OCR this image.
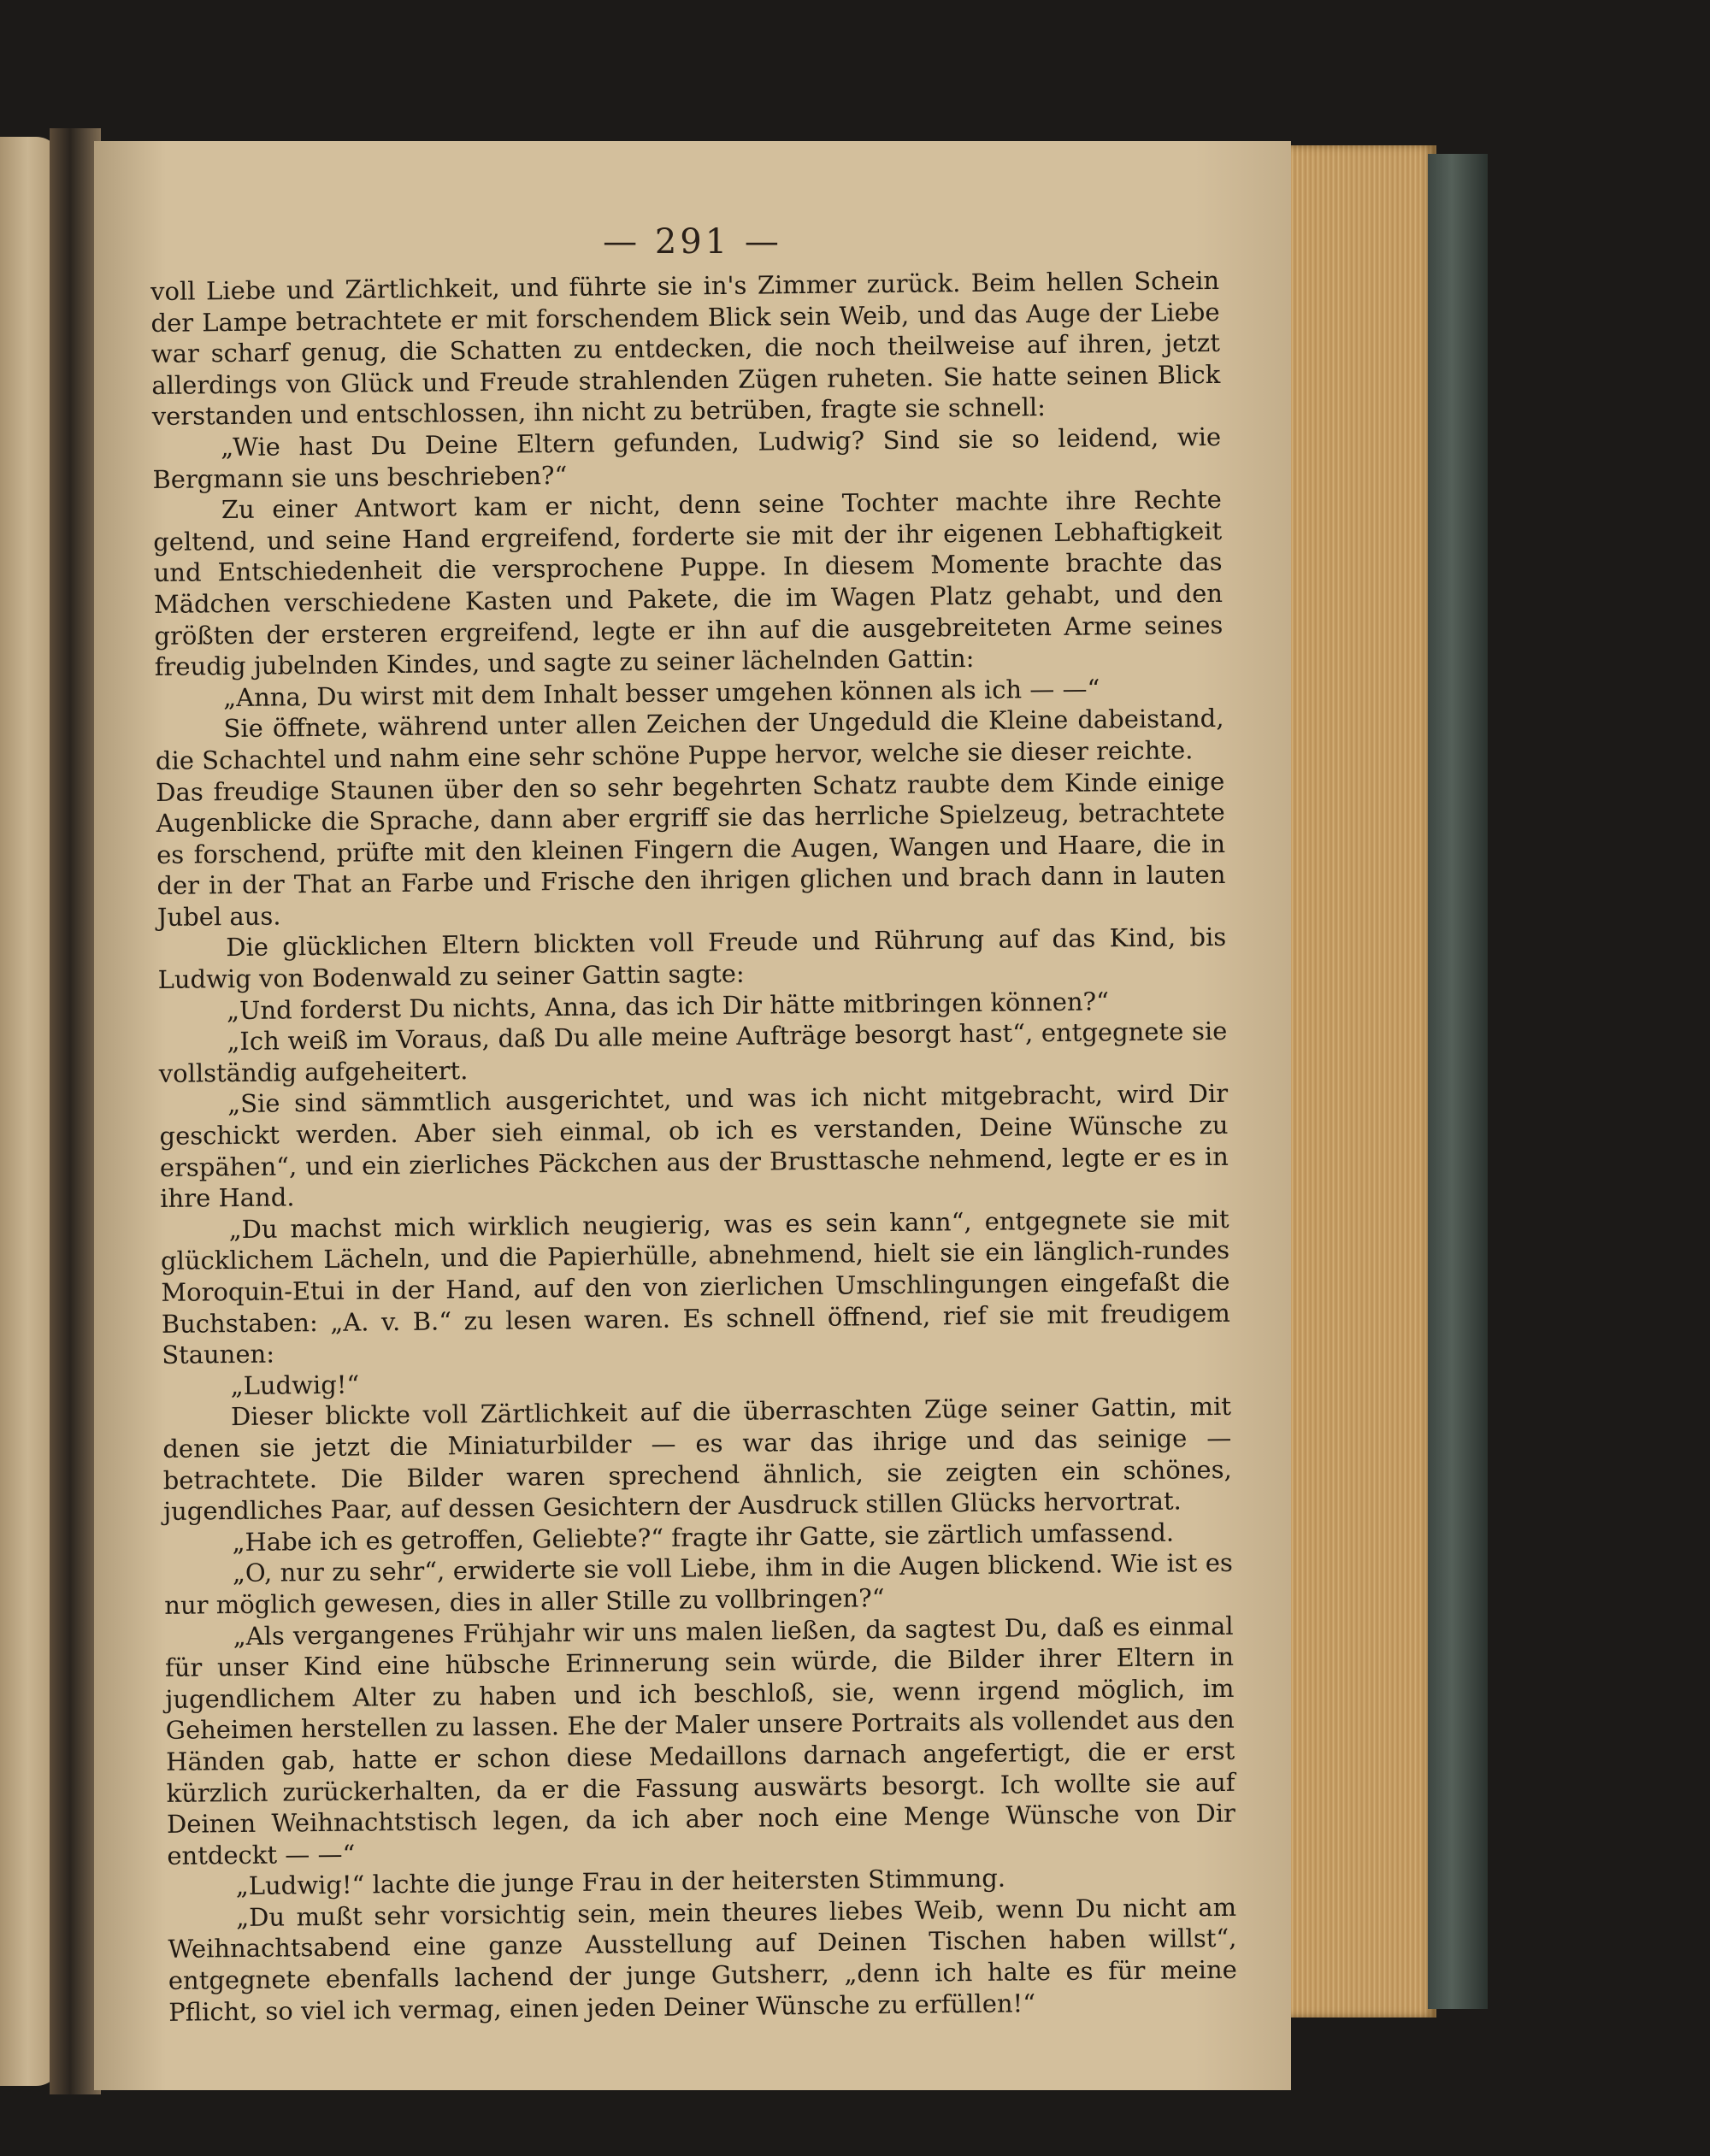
— 291 —

voll Liebe und Zärtlichkeit, und führte sie in's Zimmer zurück. Beim hellen Schein der Lampe betrachtete er mit forschendem Blick sein Weib, und das Auge der Liebe war scharf genug, die Schatten zu entdecken, die noch theilweise auf ihren, jetzt allerdings von Glück und Freude strahlenden Zügen ruheten. Sie hatte seinen Blick verstanden und entschlossen, ihn nicht zu betrüben, fragte sie schnell:

„Wie hast Du Deine Eltern gefunden, Ludwig? Sind sie so leidend, wie Bergmann sie uns beschrieben?“

Zu einer Antwort kam er nicht, denn seine Tochter machte ihre Rechte geltend, und seine Hand ergreifend, forderte sie mit der ihr eigenen Lebhaftigkeit und Entschiedenheit die versprochene Puppe. In diesem Momente brachte das Mädchen verschiedene Kasten und Pakete, die im Wagen Platz gehabt, und den größten der ersteren ergreifend, legte er ihn auf die ausgebreiteten Arme seines freudig jubelnden Kindes, und sagte zu seiner lächelnden Gattin:

„Anna, Du wirst mit dem Inhalt besser umgehen können als ich — —“

Sie öffnete, während unter allen Zeichen der Ungeduld die Kleine dabeistand, die Schachtel und nahm eine sehr schöne Puppe hervor, welche sie dieser reichte.

Das freudige Staunen über den so sehr begehrten Schatz raubte dem Kinde einige Augenblicke die Sprache, dann aber ergriff sie das herrliche Spielzeug, betrachtete es forschend, prüfte mit den kleinen Fingern die Augen, Wangen und Haare, die in der in der That an Farbe und Frische den ihrigen glichen und brach dann in lauten Jubel aus.

Die glücklichen Eltern blickten voll Freude und Rührung auf das Kind, bis Ludwig von Bodenwald zu seiner Gattin sagte:

„Und forderst Du nichts, Anna, das ich Dir hätte mitbringen können?“

„Ich weiß im Voraus, daß Du alle meine Aufträge besorgt hast“, entgegnete sie vollständig aufgeheitert.

„Sie sind sämmtlich ausgerichtet, und was ich nicht mitgebracht, wird Dir geschickt werden. Aber sieh einmal, ob ich es verstanden, Deine Wünsche zu erspähen“, und ein zierliches Päckchen aus der Brusttasche nehmend, legte er es in ihre Hand.

„Du machst mich wirklich neugierig, was es sein kann“, entgegnete sie mit glücklichem Lächeln, und die Papierhülle, abnehmend, hielt sie ein länglich-rundes Moroquin-Etui in der Hand, auf den von zierlichen Umschlingungen eingefaßt die Buchstaben: „A. v. B.“ zu lesen waren. Es schnell öffnend, rief sie mit freudigem Staunen:

„Ludwig!“

Dieser blickte voll Zärtlichkeit auf die überraschten Züge seiner Gattin, mit denen sie jetzt die Miniaturbilder — es war das ihrige und das seinige — betrachtete. Die Bilder waren sprechend ähnlich, sie zeigten ein schönes, jugendliches Paar, auf dessen Gesichtern der Ausdruck stillen Glücks hervortrat.

„Habe ich es getroffen, Geliebte?“ fragte ihr Gatte, sie zärtlich umfassend.

„O, nur zu sehr“, erwiderte sie voll Liebe, ihm in die Augen blickend. Wie ist es nur möglich gewesen, dies in aller Stille zu vollbringen?“

„Als vergangenes Frühjahr wir uns malen ließen, da sagtest Du, daß es einmal für unser Kind eine hübsche Erinnerung sein würde, die Bilder ihrer Eltern in jugendlichem Alter zu haben und ich beschloß, sie, wenn irgend möglich, im Geheimen herstellen zu lassen. Ehe der Maler unsere Portraits als vollendet aus den Händen gab, hatte er schon diese Medaillons darnach angefertigt, die er erst kürzlich zurückerhalten, da er die Fassung auswärts besorgt. Ich wollte sie auf Deinen Weihnachtstisch legen, da ich aber noch eine Menge Wünsche von Dir entdeckt — —“

„Ludwig!“ lachte die junge Frau in der heitersten Stimmung.

„Du mußt sehr vorsichtig sein, mein theures liebes Weib, wenn Du nicht am Weihnachtsabend eine ganze Ausstellung auf Deinen Tischen haben willst“, entgegnete ebenfalls lachend der junge Gutsherr, „denn ich halte es für meine Pflicht, so viel ich vermag, einen jeden Deiner Wünsche zu erfüllen!“
